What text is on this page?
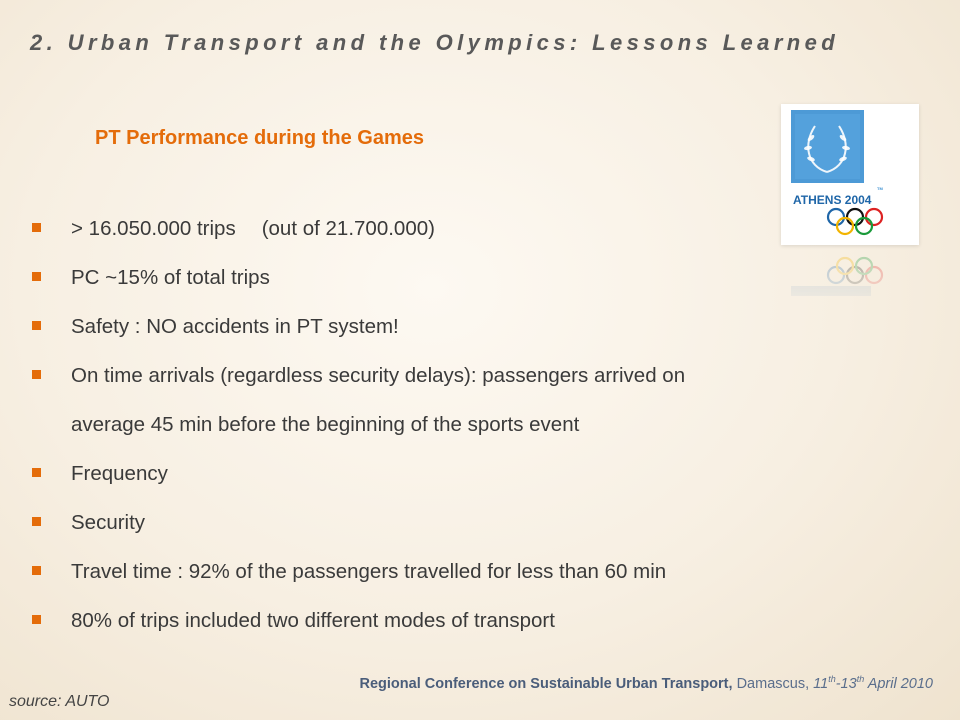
2. Urban Transport and the Olympics: Lessons Learned
PT Performance during the Games
> 16.050.000 trips (out of 21.700.000)
PC ~15% of total trips
Safety : NO accidents in PT system!
On time arrivals (regardless security delays): passengers arrived on
average 45 min before the beginning of the sports event
Frequency
Security
Travel time : 92% of the passengers travelled for less than 60 min
80% of trips included two different modes of transport
TM
ATHENS 2004
Regional Conference on Sustainable Urban Transport, Damascus, 11th-13th April 2010
source: AUTO
